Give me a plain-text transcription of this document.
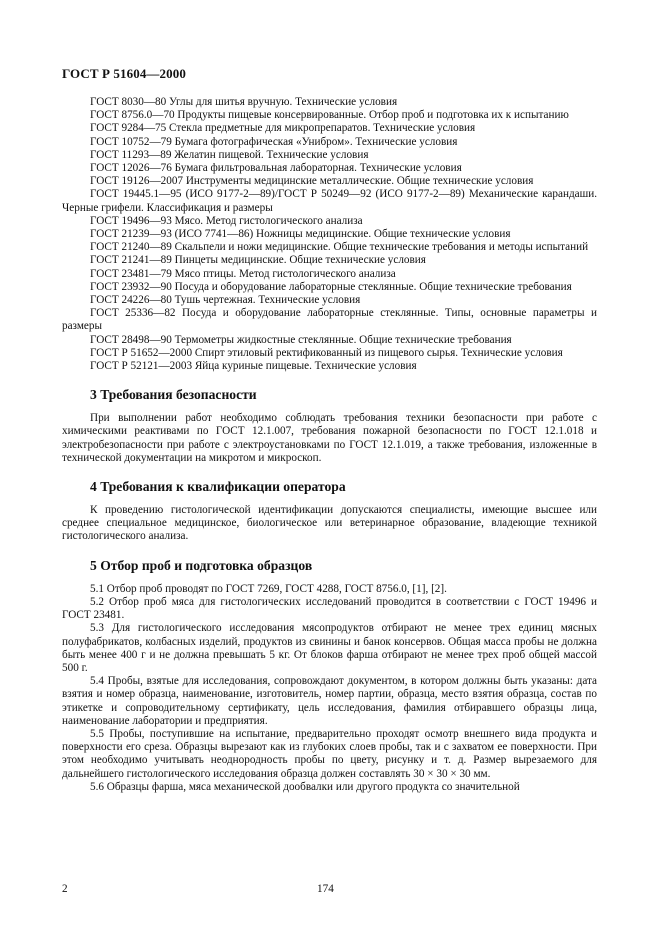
ГОСТ Р 51604—2000

ГОСТ 8030—80 Углы для шитья вручную. Технические условия

ГОСТ 8756.0—70 Продукты пищевые консервированные. Отбор проб и подготовка их к испытанию

ГОСТ 9284—75 Стекла предметные для микропрепаратов. Технические условия

ГОСТ 10752—79 Бумага фотографическая «Унибром». Технические условия

ГОСТ 11293—89 Желатин пищевой. Технические условия

ГОСТ 12026—76 Бумага фильтровальная лабораторная. Технические условия

ГОСТ 19126—2007 Инструменты медицинские металлические. Общие технические условия

ГОСТ 19445.1—95 (ИСО 9177-2—89)/ГОСТ Р 50249—92 (ИСО 9177-2—89) Механические карандаши. Черные грифели. Классификация и размеры

ГОСТ 19496—93 Мясо. Метод гистологического анализа

ГОСТ 21239—93 (ИСО 7741—86) Ножницы медицинские. Общие технические условия

ГОСТ 21240—89 Скальпели и ножи медицинские. Общие технические требования и методы испытаний

ГОСТ 21241—89 Пинцеты медицинские. Общие технические условия

ГОСТ 23481—79 Мясо птицы. Метод гистологического анализа

ГОСТ 23932—90 Посуда и оборудование лабораторные стеклянные. Общие технические требования

ГОСТ 24226—80 Тушь чертежная. Технические условия

ГОСТ 25336—82 Посуда и оборудование лабораторные стеклянные. Типы, основные параметры и размеры

ГОСТ 28498—90 Термометры жидкостные стеклянные. Общие технические требования

ГОСТ Р 51652—2000 Спирт этиловый ректификованный из пищевого сырья. Технические условия

ГОСТ Р 52121—2003 Яйца куриные пищевые. Технические условия

3 Требования безопасности

При выполнении работ необходимо соблюдать требования техники безопасности при работе с химическими реактивами по ГОСТ 12.1.007, требования пожарной безопасности по ГОСТ 12.1.018 и электробезопасности при работе с электроустановками по ГОСТ 12.1.019, а также требования, изложенные в технической документации на микротом и микроскоп.

4 Требования к квалификации оператора

К проведению гистологической идентификации допускаются специалисты, имеющие высшее или среднее специальное медицинское, биологическое или ветеринарное образование, владеющие техникой гистологического анализа.

5 Отбор проб и подготовка образцов

5.1 Отбор проб проводят по ГОСТ 7269, ГОСТ 4288, ГОСТ 8756.0, [1], [2].

5.2 Отбор проб мяса для гистологических исследований проводится в соответствии с ГОСТ 19496 и ГОСТ 23481.

5.3 Для гистологического исследования мясопродуктов отбирают не менее трех единиц мясных полуфабрикатов, колбасных изделий, продуктов из свинины и банок консервов. Общая масса пробы не должна быть менее 400 г и не должна превышать 5 кг. От блоков фарша отбирают не менее трех проб общей массой 500 г.

5.4 Пробы, взятые для исследования, сопровождают документом, в котором должны быть указаны: дата взятия и номер образца, наименование, изготовитель, номер партии, образца, место взятия образца, состав по этикетке и сопроводительному сертификату, цель исследования, фамилия отбиравшего образцы лица, наименование лаборатории и предприятия.

5.5 Пробы, поступившие на испытание, предварительно проходят осмотр внешнего вида продукта и поверхности его среза. Образцы вырезают как из глубоких слоев пробы, так и с захватом ее поверхности. При этом необходимо учитывать неоднородность пробы по цвету, рисунку и т. д. Размер вырезаемого для дальнейшего гистологического исследования образца должен составлять 30 × 30 × 30 мм.

5.6 Образцы фарша, мяса механической дообвалки или другого продукта со значительной

2	174
